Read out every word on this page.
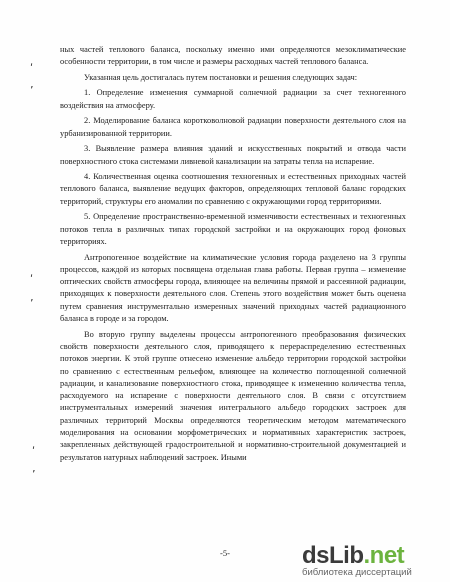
ных частей теплового баланса, поскольку именно ими определяются мезоклиматические особенности территории, в том числе и размеры расходных частей теплового баланса.

Указанная цель достигалась путем постановки и решения следующих задач:

1. Определение изменения суммарной солнечной радиации за счет техногенного воздействия на атмосферу.

2. Моделирование баланса коротковолновой радиации поверхности деятельного слоя на урбанизированной территории.

3. Выявление размера влияния зданий и искусственных покрытий и отвода части поверхностного стока системами ливневой канализации на затраты тепла на испарение.

4. Количественная оценка соотношения техногенных и естественных приходных частей теплового баланса, выявление ведущих факторов, определяющих тепловой баланс городских территорий, структуры его аномалии по сравнению с окружающими город территориями.

5. Определение пространственно-временной изменчивости естественных и техногенных потоков тепла в различных типах городской застройки и на окружающих город фоновых территориях.

Антропогенное воздействие на климатические условия города разделено на 3 группы процессов, каждой из которых посвящена отдельная глава работы. Первая группа – изменение оптических свойств атмосферы города, влияющее на величины прямой и рассеянной радиации, приходящих к поверхности деятельного слоя. Степень этого воздействия может быть оценена путем сравнения инструментально измеренных значений приходных частей радиационного баланса в городе и за городом.

Во вторую группу выделены процессы антропогенного преобразования физических свойств поверхности деятельного слоя, приводящего к перераспределению естественных потоков энергии. К этой группе отнесено изменение альбедо территории городской застройки по сравнению с естественным рельефом, влияющее на количество поглощенной солнечной радиации, и канализование поверхностного стока, приводящее к изменению количества тепла, расходуемого на испарение с поверхности деятельного слоя. В связи с отсутствием инструментальных измерений значения интегрального альбедо городских застроек для различных территорий Москвы определяются теоретическим методом математического моделирования на основании морфометрических и нормативных характеристик застроек, закрепленных действующей градостроительной и нормативно-строительной документацией и результатов натурных наблюдений застроек. Иными

ʹ
ʼ
ʹ
ʼ
ʹ
ʼ
-5-	dsLib.net
библиотека диссертаций
